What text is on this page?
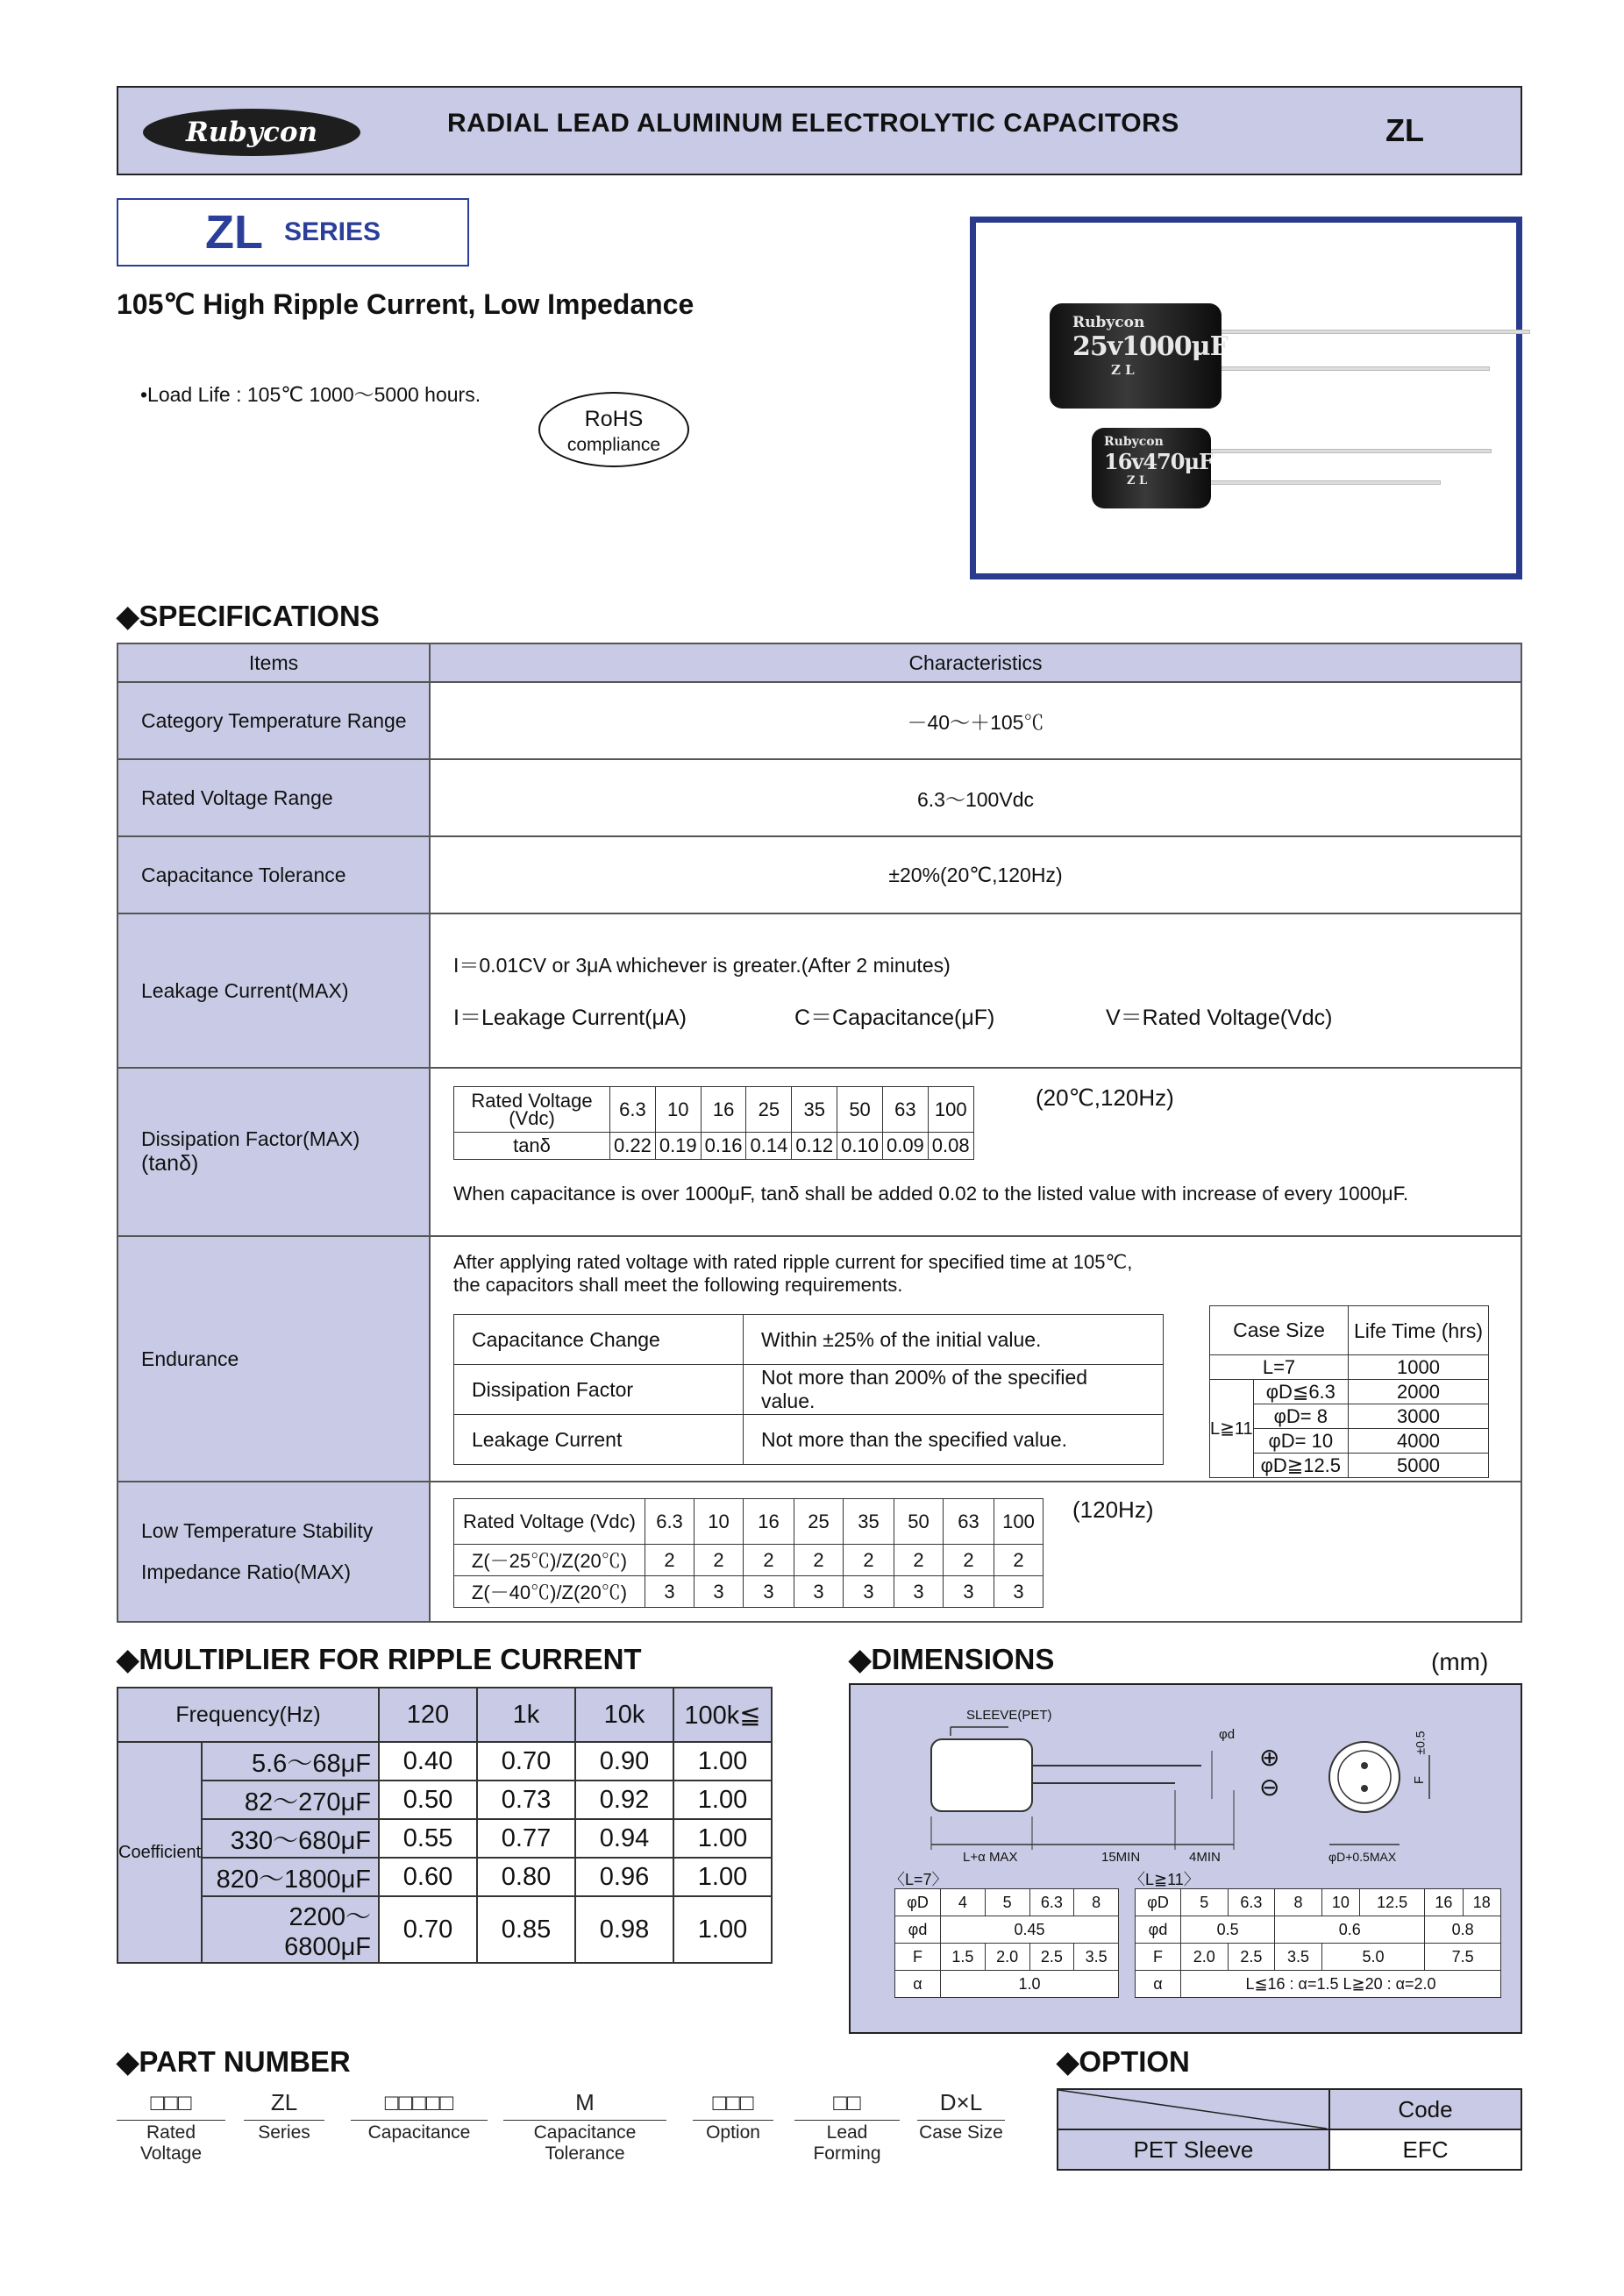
Rubycon	RADIAL LEAD ALUMINUM ELECTROLYTIC CAPACITORS	ZL
ZL SERIES
105℃ High Ripple Current, Low Impedance
•Load Life : 105℃ 1000～5000 hours.
RoHS
compliance
Rubycon
25v1000μF
Z L
Rubycon
16v470μF
Z L
◆SPECIFICATIONS
Items	Characteristics
Category Temperature Range	－40～＋105℃
Rated Voltage Range	6.3～100Vdc
Capacitance Tolerance	±20%(20℃,120Hz)
Leakage Current(MAX)	
I＝0.01CV or 3μA whichever is greater.(After 2 minutes)
I＝Leakage Current(μA)	C＝Capacitance(μF)	V＝Rated Voltage(Vdc)

Dissipation Factor(MAX)
(tanδ)

Rated Voltage (Vdc)	6.3	10	16	25	35	50	63	100
tanδ	0.22	0.19	0.16	0.14	0.12	0.10	0.09	0.08
(20℃,120Hz)
When capacitance is over 1000μF, tanδ shall be added 0.02 to the listed value with increase of every 1000μF.

Endurance	
After applying rated voltage with rated ripple current for specified time at 105℃,
the capacitors shall meet the following requirements.
Capacitance Change	Within ±25% of the initial value.
Dissipation Factor	Not more than 200% of the specified value.
Leakage Current	Not more than the specified value.
Case Size	Life Time (hrs)
L=7	1000
L≧11	φD≦6.3	2000
φD= 8	3000
φD= 10	4000
φD≧12.5	5000

Low Temperature Stability
Impedance Ratio(MAX)

Rated Voltage (Vdc)	6.3	10	16	25	35	50	63	100
Z(－25℃)/Z(20℃)	2	2	2	2	2	2	2	2
Z(－40℃)/Z(20℃)	3	3	3	3	3	3	3	3
(120Hz)
◆MULTIPLIER FOR RIPPLE CURRENT
Frequency(Hz)		120	1k	10k	100k≦
Coefficient	5.6～68μF	0.40	0.70	0.90	1.00
	82～270μF	0.50	0.73	0.92	1.00
	330～680μF	0.55	0.77	0.94	1.00
	820～1800μF	0.60	0.80	0.96	1.00
	2200～6800μF	0.70	0.85	0.98	1.00
◆DIMENSIONS	(mm)
SLEEVE(PET)
φd
L+α MAX	15MIN	4MIN	φD+0.5MAX
F
±0.5
⊕
⊖
〈L=7〉
φD	4	5	6.3	8
φd	0.45			
F	1.5	2.0	2.5	3.5
α	1.0			
〈L≧11〉
φD	5	6.3	8	10	12.5	16	18
φd	0.5		0.6			0.8	
F	2.0	2.5	3.5	5.0		7.5	
α	L≦16 : α=1.5 L≧20 : α=2.0						
◆PART NUMBER
□□□
Rated Voltage
ZL
Series
□□□□□
Capacitance
M
Capacitance Tolerance
□□□
Option
□□
Lead Forming
D×L
Case Size
◆OPTION
	Code
PET Sleeve	EFC
